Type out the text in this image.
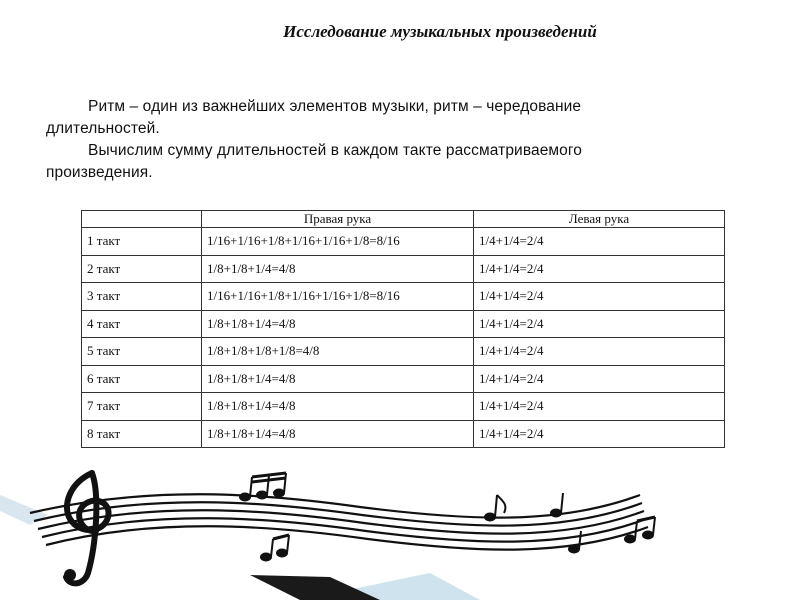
Исследование музыкальных произведений
Ритм – один из важнейших элементов музыки, ритм – чередование
длительностей.
Вычислим сумму длительностей в каждом такте рассматриваемого
произведения.
	Правая рука	Левая рука
1 такт	1/16+1/16+1/8+1/16+1/16+1/8=8/16	1/4+1/4=2/4
2 такт	1/8+1/8+1/4=4/8	1/4+1/4=2/4
3 такт	1/16+1/16+1/8+1/16+1/16+1/8=8/16	1/4+1/4=2/4
4 такт	1/8+1/8+1/4=4/8	1/4+1/4=2/4
5 такт	1/8+1/8+1/8+1/8=4/8	1/4+1/4=2/4
6 такт	1/8+1/8+1/4=4/8	1/4+1/4=2/4
7 такт	1/8+1/8+1/4=4/8	1/4+1/4=2/4
8 такт	1/8+1/8+1/4=4/8	1/4+1/4=2/4
